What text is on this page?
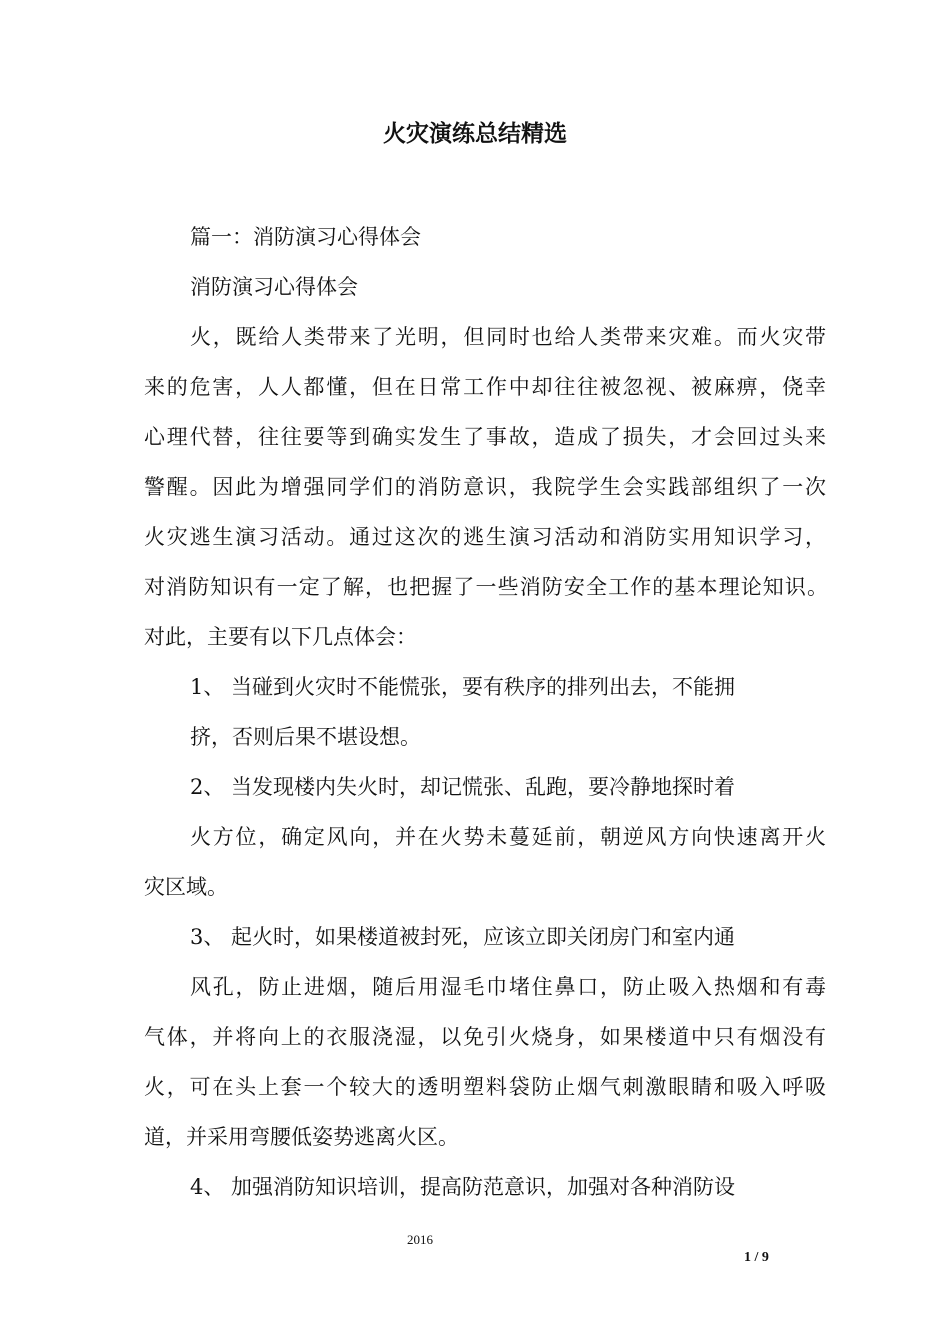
火灾演练总结精选

篇一：消防演习心得体会

消防演习心得体会

火，既给人类带来了光明，但同时也给人类带来灾难。而火灾带

来的危害，人人都懂，但在日常工作中却往往被忽视、被麻痹，侥幸

心理代替，往往要等到确实发生了事故，造成了损失，才会回过头来

警醒。因此为增强同学们的消防意识，我院学生会实践部组织了一次

火灾逃生演习活动。通过这次的逃生演习活动和消防实用知识学习，

对消防知识有一定了解，也把握了一些消防安全工作的基本理论知识。

对此，主要有以下几点体会：

1、 当碰到火灾时不能慌张，要有秩序的排列出去，不能拥

挤，否则后果不堪设想。

2、 当发现楼内失火时，却记慌张、乱跑，要冷静地探时着

火方位，确定风向，并在火势未蔓延前，朝逆风方向快速离开火

灾区域。

3、 起火时，如果楼道被封死，应该立即关闭房门和室内通

风孔，防止进烟，随后用湿毛巾堵住鼻口，防止吸入热烟和有毒

气体，并将向上的衣服浇湿，以免引火烧身，如果楼道中只有烟没有

火，可在头上套一个较大的透明塑料袋防止烟气刺激眼睛和吸入呼吸

道，并采用弯腰低姿势逃离火区。

4、 加强消防知识培训，提高防范意识，加强对各种消防设

2016
1 / 9
